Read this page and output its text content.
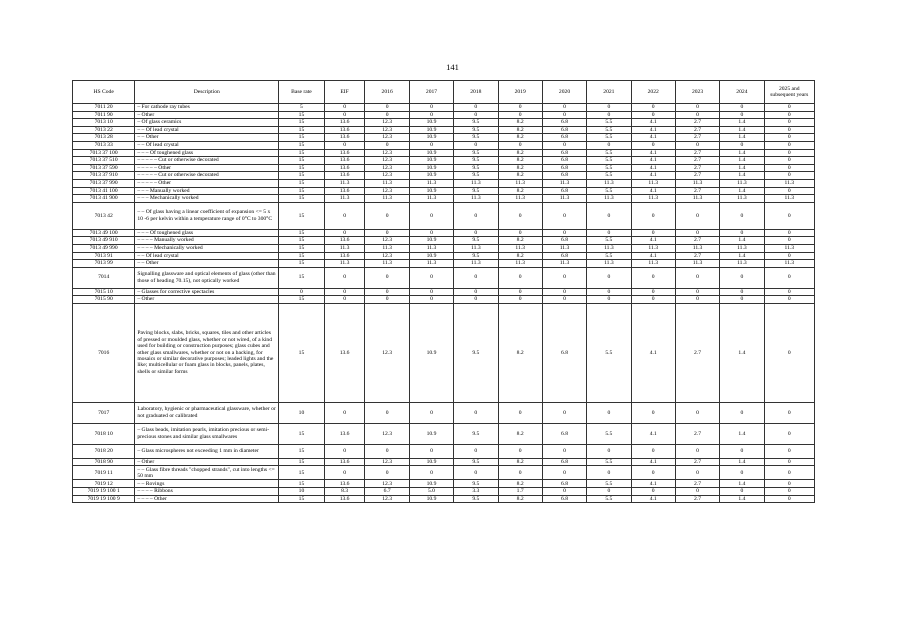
141
HS Code	Description	Base rate	EIF	2016	2017	2018	2019	2020	2021	2022	2023	2024	2025 and subsequent years
7011 20	– For cathode ray tubes	5	0	0	0	0	0	0	0	0	0	0	0
7011 90	– Other	15	0	0	0	0	0	0	0	0	0	0	0
7013 10	– Of glass ceramics	15	13.6	12.3	10.9	9.5	8.2	6.8	5.5	4.1	2.7	1.4	0
7013 22	– – Of lead crystal	15	13.6	12.3	10.9	9.5	8.2	6.8	5.5	4.1	2.7	1.4	0
7013 28	– – Other	15	13.6	12.3	10.9	9.5	8.2	6.8	5.5	4.1	2.7	1.4	0
7013 33	– – Of lead crystal	15	0	0	0	0	0	0	0	0	0	0	0
7013 37 100	– – – Of toughened glass	15	13.6	12.3	10.9	9.5	8.2	6.8	5.5	4.1	2.7	1.4	0
7013 37 510	– – – – – Cut or otherwise decorated	15	13.6	12.3	10.9	9.5	8.2	6.8	5.5	4.1	2.7	1.4	0
7013 37 590	– – – – – Other	15	13.6	12.3	10.9	9.5	8.2	6.8	5.5	4.1	2.7	1.4	0
7013 37 910	– – – – – Cut or otherwise decorated	15	13.6	12.3	10.9	9.5	8.2	6.8	5.5	4.1	2.7	1.4	0
7013 37 990	– – – – – Other	15	11.3	11.3	11.3	11.3	11.3	11.3	11.3	11.3	11.3	11.3	11.3
7013 41 100	– – – Manually worked	15	13.6	12.3	10.9	9.5	8.2	6.8	5.5	4.1	2.7	1.4	0
7013 41 900	– – – Mechanically worked	15	11.3	11.3	11.3	11.3	11.3	11.3	11.3	11.3	11.3	11.3	11.3
7013 42	– – Of glass having a linear coefficient of expansion <= 5 x 10 -6 per kelvin within a temperature range of 0°C to 300°C	15	0	0	0	0	0	0	0	0	0	0	0
7013 49 100	– – – Of toughened glass	15	0	0	0	0	0	0	0	0	0	0	0
7013 49 910	– – – – Manually worked	15	13.6	12.3	10.9	9.5	8.2	6.8	5.5	4.1	2.7	1.4	0
7013 49 990	– – – – Mechanically worked	15	11.3	11.3	11.3	11.3	11.3	11.3	11.3	11.3	11.3	11.3	11.3
7013 91	– – Of lead crystal	15	13.6	12.3	10.9	9.5	8.2	6.8	5.5	4.1	2.7	1.4	0
7013 99	– – Other	15	11.3	11.3	11.3	11.3	11.3	11.3	11.3	11.3	11.3	11.3	11.3
7014	Signalling glassware and optical elements of glass (other than those of heading 70.15), not optically worked	15	0	0	0	0	0	0	0	0	0	0	0
7015 10	– Glasses for corrective spectacles	0	0	0	0	0	0	0	0	0	0	0	0
7015 90	– Other	15	0	0	0	0	0	0	0	0	0	0	0
7016	Paving blocks, slabs, bricks, squares, tiles and other articles of pressed or moulded glass, whether or not wired, of a kind used for building or construction purposes; glass cubes and other glass smallwares, whether or not on a backing, for mosaics or similar decorative purposes; leaded lights and the like; multicellular or foam glass in blocks, panels, plates, shells or similar forms	15	13.6	12.3	10.9	9.5	8.2	6.8	5.5	4.1	2.7	1.4	0
7017	Laboratory, hygienic or pharmaceutical glassware, whether or not graduated or calibrated	10	0	0	0	0	0	0	0	0	0	0	0
7018 10	– Glass beads, imitation pearls, imitation precious or semi-precious stones and similar glass smallwares	15	13.6	12.3	10.9	9.5	8.2	6.8	5.5	4.1	2.7	1.4	0
7018 20	– Glass microspheres not exceeding 1 mm in diameter	15	0	0	0	0	0	0	0	0	0	0	0
7018 90	– Other	15	13.6	12.3	10.9	9.5	8.2	6.8	5.5	4.1	2.7	1.4	0
7019 11	– – Glass fibre threads "chopped strands", cut into lengths <= 50 mm	15	0	0	0	0	0	0	0	0	0	0	0
7019 12	– – Rovings	15	13.6	12.3	10.9	9.5	8.2	6.8	5.5	4.1	2.7	1.4	0
7019 19 100 1	– – – – Ribbons	10	8.3	6.7	5.0	3.3	1.7	0	0	0	0	0	0
7019 19 100 9	– – – – Other	15	13.6	12.3	10.9	9.5	8.2	6.8	5.5	4.1	2.7	1.4	0
